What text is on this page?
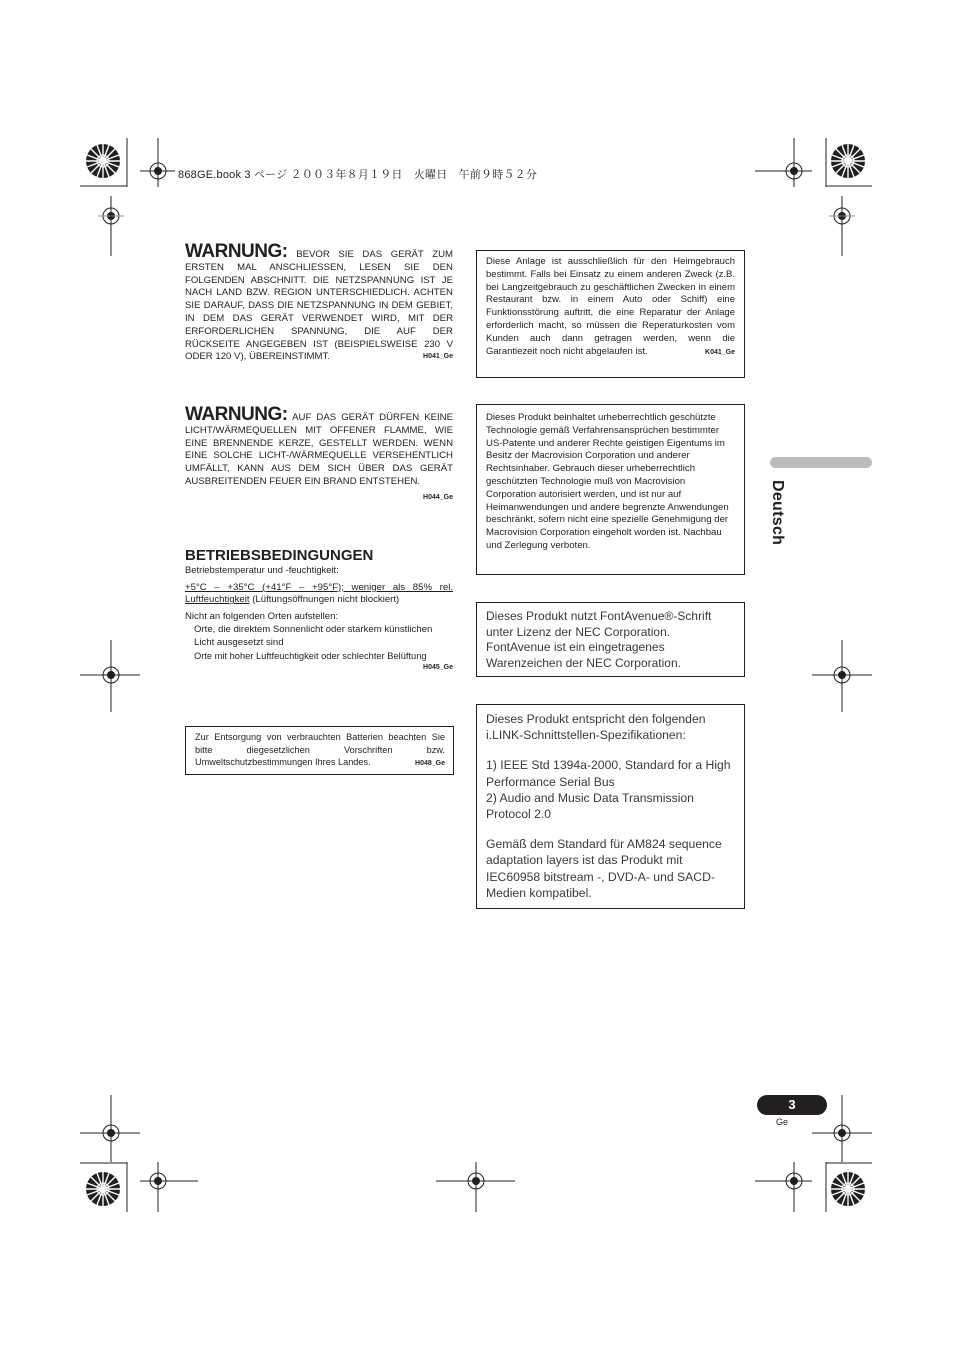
868GE.book 3 ページ ２００３年８月１９日　火曜日　午前９時５２分
WARNUNG: BEVOR SIE DAS GERÄT ZUM ERSTEN MAL ANSCHLIESSEN, LESEN SIE DEN FOLGENDEN ABSCHNITT. DIE NETZSPANNUNG IST JE NACH LAND BZW. REGION UNTERSCHIEDLICH. ACHTEN SIE DARAUF, DASS DIE NETZSPANNUNG IN DEM GEBIET, IN DEM DAS GERÄT VERWENDET WIRD, MIT DER ERFORDERLICHEN SPANNUNG, DIE AUF DER RÜCKSEITE ANGEGEBEN IST (BEISPIELSWEISE 230 V ODER 120 V), ÜBEREINSTIMMT.	H041_Ge
WARNUNG: AUF DAS GERÄT DÜRFEN KEINE LICHT/WÄRMEQUELLEN MIT OFFENER FLAMME, WIE EINE BRENNENDE KERZE, GESTELLT WERDEN. WENN EINE SOLCHE LICHT-/WÄRMEQUELLE VERSEHENTLICH UMFÄLLT, KANN AUS DEM SICH ÜBER DAS GERÄT AUSBREITENDEN FEUER EIN BRAND ENTSTEHEN.
H044_Ge
BETRIEBSBEDINGUNGEN
Betriebstemperatur und -feuchtigkeit:
+5°C – +35°C (+41°F – +95°F); weniger als 85% rel. Luftfeuchtigkeit (Lüftungsöffnungen nicht blockiert)
Nicht an folgenden Orten aufstellen:
Orte, die direktem Sonnenlicht oder starkem künstlichen Licht ausgesetzt sind
Orte mit hoher Luftfeuchtigkeit oder schlechter Belüftung
H045_Ge
Zur Entsorgung von verbrauchten Batterien beachten Sie bitte diegesetzlichen Vorschriften bzw. Umweltschutzbestimmungen Ihres Landes.	H048_Ge
Diese Anlage ist ausschließlich für den Heimgebrauch bestimmt. Falls bei Einsatz zu einem anderen Zweck (z.B. bei Langzeitgebrauch zu geschäftlichen Zwecken in einem Restaurant bzw. in einem Auto oder Schiff) eine Funktionsstörung auftritt, die eine Reparatur der Anlage erforderlich macht, so müssen die Reperaturkosten vom Kunden auch dann getragen werden, wenn die Garantiezeit noch nicht abgelaufen ist.	K041_Ge
Dieses Produkt beinhaltet urheberrechtlich geschützte Technologie gemäß Verfahrensansprüchen bestimmter US-Patente und anderer Rechte geistigen Eigentums im Besitz der Macrovision Corporation und anderer Rechtsinhaber. Gebrauch dieser urheberrechtlich geschützten Technologie muß von Macrovision Corporation autorisiert werden, und ist nur auf Heimanwendungen und andere begrenzte Anwendungen beschränkt, sofern nicht eine spezielle Genehmigung der Macrovision Corporation eingeholt worden ist. Nachbau und Zerlegung verboten.
Dieses Produkt nutzt FontAvenue®-Schrift unter Lizenz der NEC Corporation. FontAvenue ist ein eingetragenes Warenzeichen der NEC Corporation.
Dieses Produkt entspricht den folgenden i.LINK-Schnittstellen-Spezifikationen:
1) IEEE Std 1394a-2000, Standard for a High Performance Serial Bus
2) Audio and Music Data Transmission Protocol 2.0
Gemäß dem Standard für AM824 sequence adaptation layers ist das Produkt mit IEC60958 bitstream -, DVD-A- und SACD-Medien kompatibel.
Deutsch
3
Ge
